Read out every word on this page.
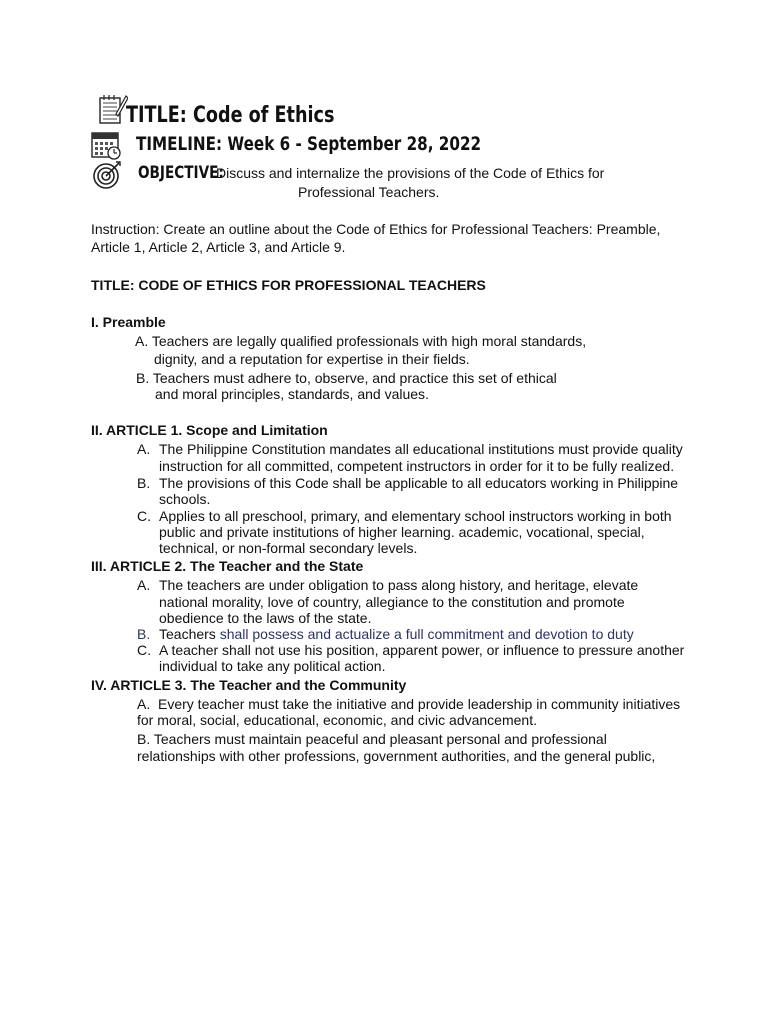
TITLE: Code of Ethics
TIMELINE: Week 6 - September 28, 2022
OBJECTIVE:
Discuss and internalize the provisions of the Code of Ethics for
Professional Teachers.
Instruction: Create an outline about the Code of Ethics for Professional Teachers: Preamble,
Article 1, Article 2, Article 3, and Article 9.
TITLE: CODE OF ETHICS FOR PROFESSIONAL TEACHERS
I. Preamble
A. Teachers are legally qualified professionals with high moral standards,
dignity, and a reputation for expertise in their fields.
B. Teachers must adhere to, observe, and practice this set of ethical
and moral principles, standards, and values.
II. ARTICLE 1. Scope and Limitation
A. The Philippine Constitution mandates all educational institutions must provide quality
instruction for all committed, competent instructors in order for it to be fully realized.
B. The provisions of this Code shall be applicable to all educators working in Philippine
schools.
C. Applies to all preschool, primary, and elementary school instructors working in both
public and private institutions of higher learning. academic, vocational, special,
technical, or non-formal secondary levels.
III. ARTICLE 2. The Teacher and the State
A. The teachers are under obligation to pass along history, and heritage, elevate
national morality, love of country, allegiance to the constitution and promote
obedience to the laws of the state.
B. Teachers shall possess and actualize a full commitment and devotion to duty
C. A teacher shall not use his position, apparent power, or influence to pressure another
individual to take any political action.
IV. ARTICLE 3. The Teacher and the Community
A.  Every teacher must take the initiative and provide leadership in community initiatives
for moral, social, educational, economic, and civic advancement.
B. Teachers must maintain peaceful and pleasant personal and professional
relationships with other professions, government authorities, and the general public,
